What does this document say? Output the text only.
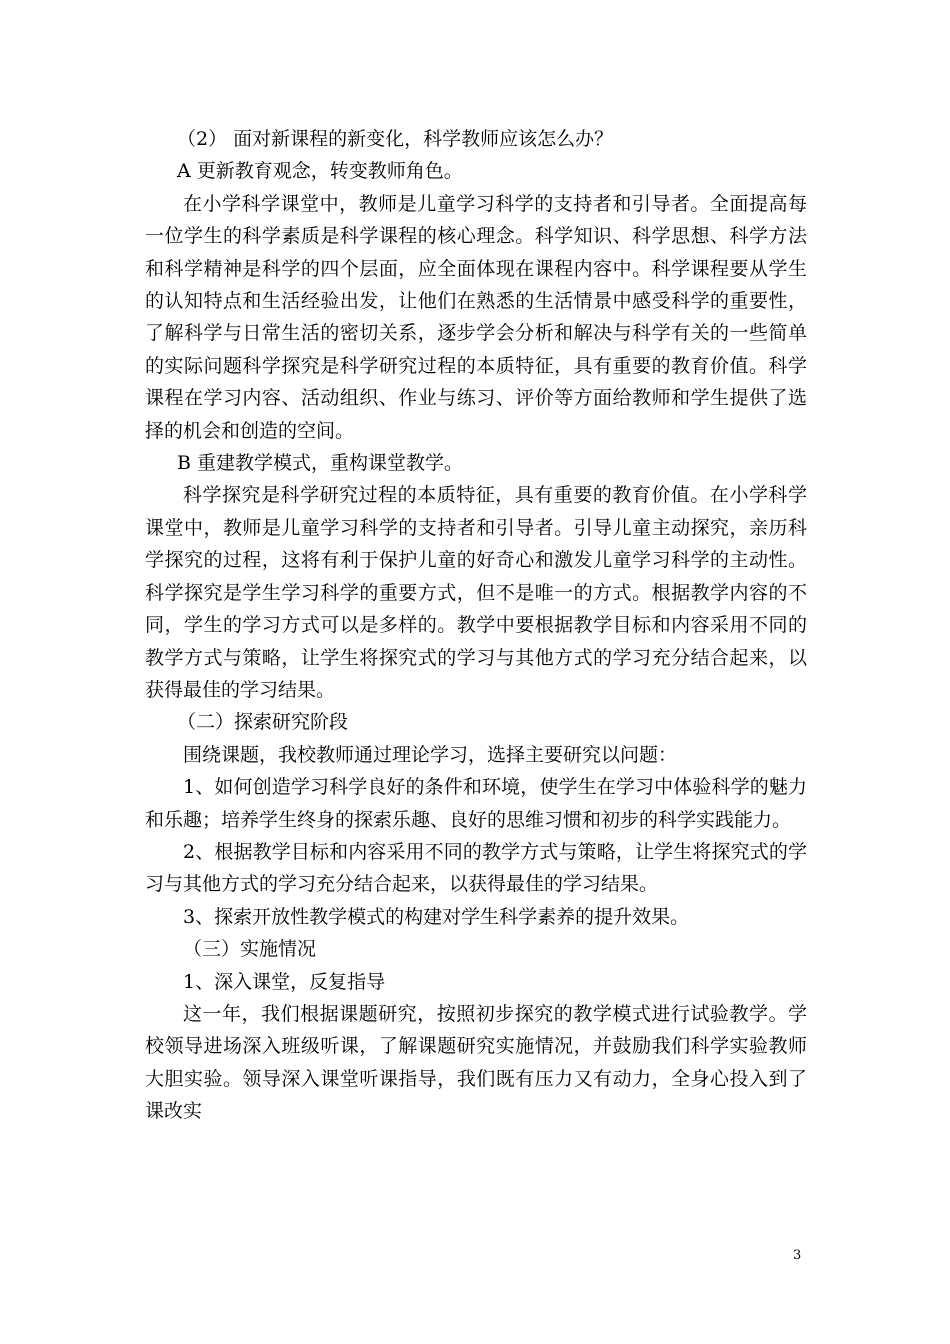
（2） 面对新课程的新变化，科学教师应该怎么办？

A 更新教育观念，转变教师角色。

在小学科学课堂中，教师是儿童学习科学的支持者和引导者。全面提高每一位学生的科学素质是科学课程的核心理念。科学知识、科学思想、科学方法和科学精神是科学的四个层面，应全面体现在课程内容中。科学课程要从学生的认知特点和生活经验出发，让他们在熟悉的生活情景中感受科学的重要性，了解科学与日常生活的密切关系，逐步学会分析和解决与科学有关的一些简单的实际问题科学探究是科学研究过程的本质特征，具有重要的教育价值。科学课程在学习内容、活动组织、作业与练习、评价等方面给教师和学生提供了选择的机会和创造的空间。

B 重建教学模式，重构课堂教学。

科学探究是科学研究过程的本质特征，具有重要的教育价值。在小学科学课堂中，教师是儿童学习科学的支持者和引导者。引导儿童主动探究，亲历科学探究的过程，这将有利于保护儿童的好奇心和激发儿童学习科学的主动性。科学探究是学生学习科学的重要方式，但不是唯一的方式。根据教学内容的不同，学生的学习方式可以是多样的。教学中要根据教学目标和内容采用不同的教学方式与策略，让学生将探究式的学习与其他方式的学习充分结合起来，以获得最佳的学习结果。

（二）探索研究阶段

围绕课题，我校教师通过理论学习，选择主要研究以问题：

1、如何创造学习科学良好的条件和环境，使学生在学习中体验科学的魅力和乐趣；培养学生终身的探索乐趣、良好的思维习惯和初步的科学实践能力。

2、根据教学目标和内容采用不同的教学方式与策略，让学生将探究式的学习与其他方式的学习充分结合起来，以获得最佳的学习结果。

3、探索开放性教学模式的构建对学生科学素养的提升效果。

（三）实施情况

1、深入课堂，反复指导

这一年，我们根据课题研究，按照初步探究的教学模式进行试验教学。学校领导进场深入班级听课，了解课题研究实施情况，并鼓励我们科学实验教师大胆实验。领导深入课堂听课指导，我们既有压力又有动力，全身心投入到了课改实

3
